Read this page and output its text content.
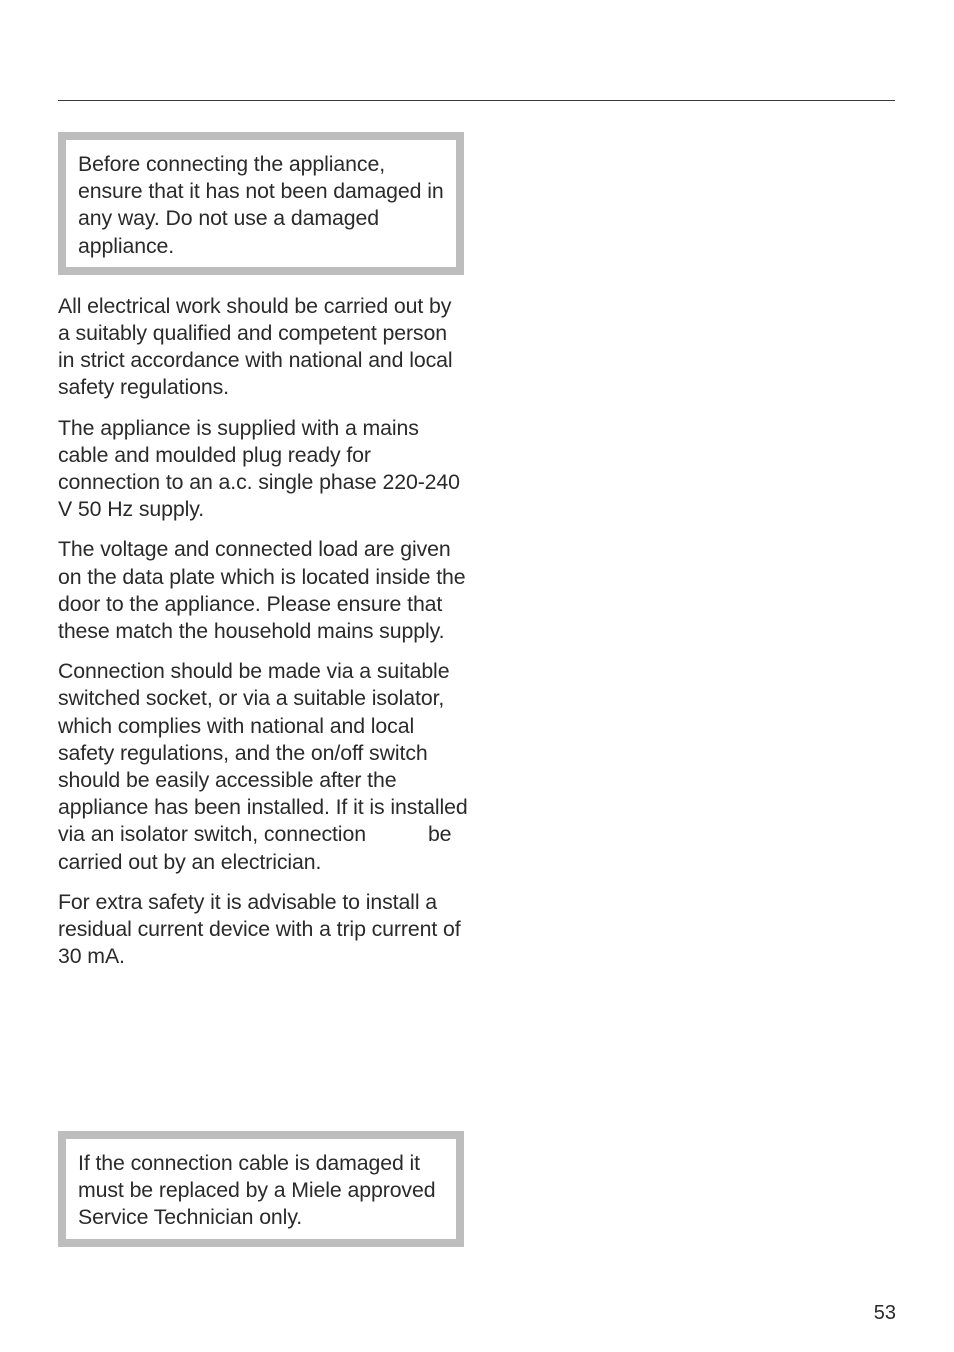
Before connecting the appliance, ensure that it has not been damaged in any way. Do not use a damaged appliance.

All electrical work should be carried out by a suitably qualified and competent person in strict accordance with national and local safety regulations.

The appliance is supplied with a mains cable and moulded plug ready for connection to an a.c. single phase 220-240 V 50 Hz supply.

The voltage and connected load are given on the data plate which is located inside the door to the appliance. Please ensure that these match the household mains supply.

Connection should be made via a suitable switched socket, or via a suitable isolator, which complies with national and local safety regulations, and the on/off switch should be easily accessible after the appliance has been installed. If it is installed via an isolator switch, connection	be carried out by an electrician.

For extra safety it is advisable to install a residual current device with a trip current of 30 mA.

If the connection cable is damaged it must be replaced by a Miele approved Service Technician only.

53
